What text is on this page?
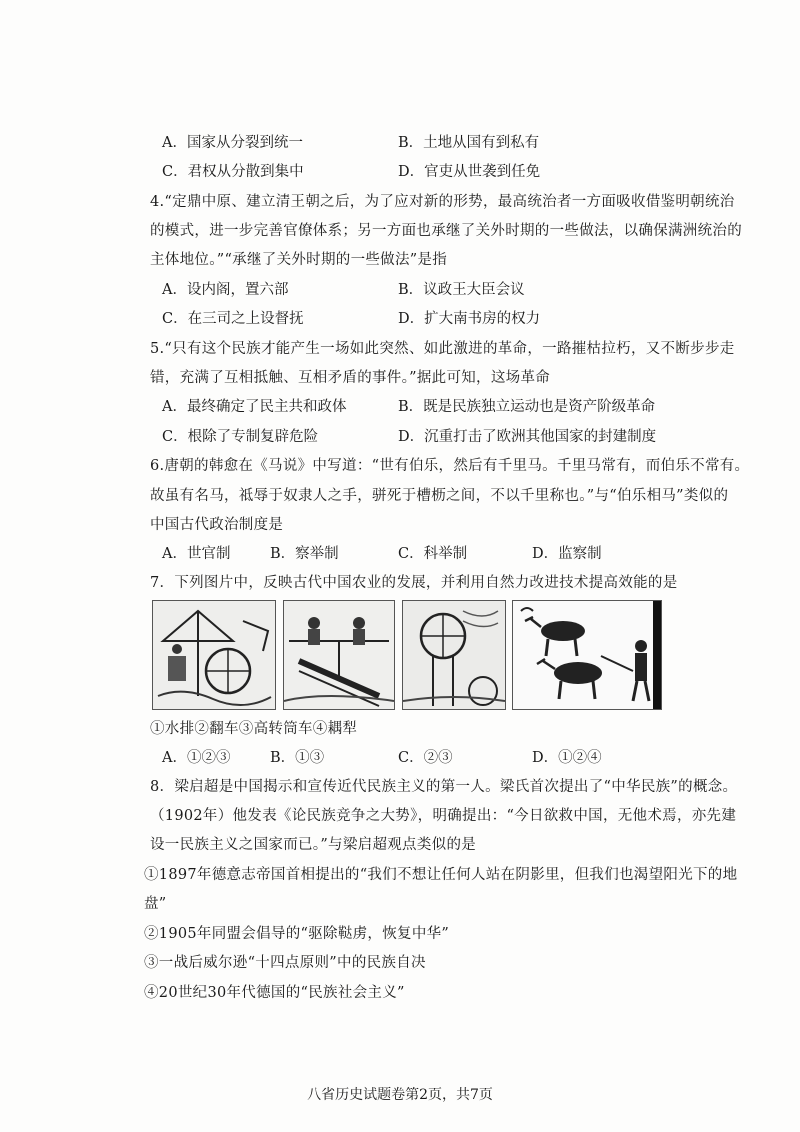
A．国家从分裂到统一	B．土地从国有到私有
C．君权从分散到集中	D．官吏从世袭到任免
4.“定鼎中原、建立清王朝之后，为了应对新的形势，最高统治者一方面吸收借鉴明朝统治
的模式，进一步完善官僚体系；另一方面也承继了关外时期的一些做法，以确保满洲统治的
主体地位。”“承继了关外时期的一些做法”是指
A．设内阁，置六部	B．议政王大臣会议
C．在三司之上设督抚	D．扩大南书房的权力
5.“只有这个民族才能产生一场如此突然、如此激进的革命，一路摧枯拉朽，又不断步步走
错，充满了互相抵触、互相矛盾的事件。”据此可知，这场革命
A．最终确定了民主共和政体	B．既是民族独立运动也是资产阶级革命
C．根除了专制复辟危险	D．沉重打击了欧洲其他国家的封建制度
6.唐朝的韩愈在《马说》中写道：“世有伯乐，然后有千里马。千里马常有，而伯乐不常有。
故虽有名马，祗辱于奴隶人之手，骈死于槽枥之间，不以千里称也。”与“伯乐相马”类似的
中国古代政治制度是
A．世官制	B．察举制	C．科举制	D．监察制
7．下列图片中，反映古代中国农业的发展，并利用自然力改进技术提高效能的是
①水排②翻车③高转筒车④耦犁
A．①②③	B．①③	C．②③	D．①②④
8．梁启超是中国揭示和宣传近代民族主义的第一人。梁氏首次提出了“中华民族”的概念。
（1902年）他发表《论民族竞争之大势》，明确提出：“今日欲救中国，无他术焉，亦先建
设一民族主义之国家而已。”与梁启超观点类似的是
①1897年德意志帝国首相提出的“我们不想让任何人站在阴影里，但我们也渴望阳光下的地
盘”
②1905年同盟会倡导的“驱除鞑虏，恢复中华”
③一战后威尔逊“十四点原则”中的民族自决
④20世纪30年代德国的“民族社会主义”
八省历史试题卷第2页，共7页
